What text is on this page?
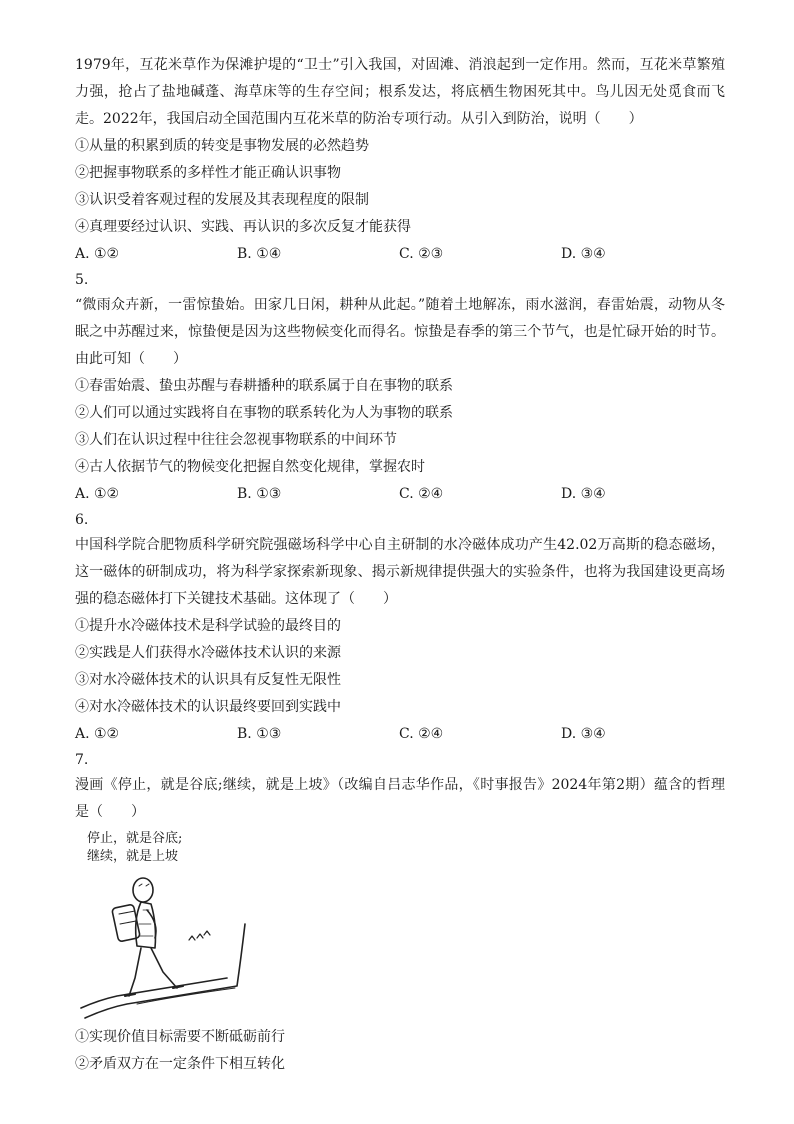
1979年，互花米草作为保滩护堤的“卫士”引入我国，对固滩、消浪起到一定作用。然而，互花米草繁殖力强，抢占了盐地碱蓬、海草床等的生存空间；根系发达，将底栖生物困死其中。鸟儿因无处觅食而飞走。2022年，我国启动全国范围内互花米草的防治专项行动。从引入到防治，说明（　　）
①从量的积累到质的转变是事物发展的必然趋势
②把握事物联系的多样性才能正确认识事物
③认识受着客观过程的发展及其表现程度的限制
④真理要经过认识、实践、再认识的多次反复才能获得
A. ①②	B. ①④	C. ②③	D. ③④
5.
“微雨众卉新，一雷惊蛰始。田家几日闲，耕种从此起。”随着土地解冻，雨水滋润，春雷始震，动物从冬眠之中苏醒过来，惊蛰便是因为这些物候变化而得名。惊蛰是春季的第三个节气，也是忙碌开始的时节。由此可知（　　）
①春雷始震、蛰虫苏醒与春耕播种的联系属于自在事物的联系
②人们可以通过实践将自在事物的联系转化为人为事物的联系
③人们在认识过程中往往会忽视事物联系的中间环节
④古人依据节气的物候变化把握自然变化规律，掌握农时
A. ①②	B. ①③	C. ②④	D. ③④
6.
中国科学院合肥物质科学研究院强磁场科学中心自主研制的水冷磁体成功产生42.02万高斯的稳态磁场，这一磁体的研制成功，将为科学家探索新现象、揭示新规律提供强大的实验条件，也将为我国建设更高场强的稳态磁体打下关键技术基础。这体现了（　　）
①提升水冷磁体技术是科学试验的最终目的
②实践是人们获得水冷磁体技术认识的来源
③对水冷磁体技术的认识具有反复性无限性
④对水冷磁体技术的认识最终要回到实践中
A. ①②	B. ①③	C. ②④	D. ③④
7.
漫画《停止，就是谷底;继续，就是上坡》（改编自吕志华作品，《时事报告》2024年第2期）蕴含的哲理是（　　）
停止，就是谷底;
继续，就是上坡
①实现价值目标需要不断砥砺前行
②矛盾双方在一定条件下相互转化
